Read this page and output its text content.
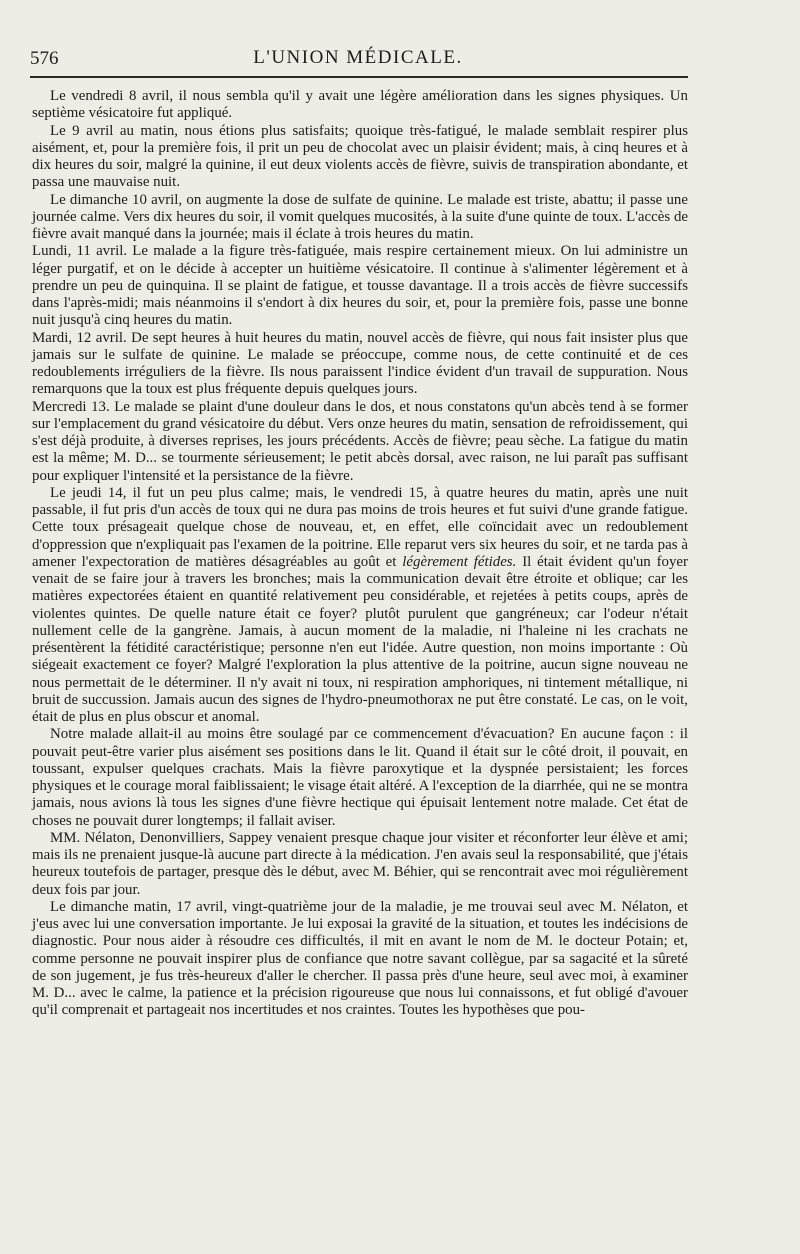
576	L'UNION MÉDICALE.

Le vendredi 8 avril, il nous sembla qu'il y avait une légère amélioration dans les signes physiques. Un septième vésicatoire fut appliqué.

Le 9 avril au matin, nous étions plus satisfaits; quoique très-fatigué, le malade semblait respirer plus aisément, et, pour la première fois, il prit un peu de chocolat avec un plaisir évident; mais, à cinq heures et à dix heures du soir, malgré la quinine, il eut deux violents accès de fièvre, suivis de transpiration abondante, et passa une mauvaise nuit.

Le dimanche 10 avril, on augmente la dose de sulfate de quinine. Le malade est triste, abattu; il passe une journée calme. Vers dix heures du soir, il vomit quelques mucosités, à la suite d'une quinte de toux. L'accès de fièvre avait manqué dans la journée; mais il éclate à trois heures du matin.

Lundi, 11 avril. Le malade a la figure très-fatiguée, mais respire certainement mieux. On lui administre un léger purgatif, et on le décide à accepter un huitième vésicatoire. Il continue à s'alimenter légèrement et à prendre un peu de quinquina. Il se plaint de fatigue, et tousse davantage. Il a trois accès de fièvre successifs dans l'après-midi; mais néanmoins il s'endort à dix heures du soir, et, pour la première fois, passe une bonne nuit jusqu'à cinq heures du matin.

Mardi, 12 avril. De sept heures à huit heures du matin, nouvel accès de fièvre, qui nous fait insister plus que jamais sur le sulfate de quinine. Le malade se préoccupe, comme nous, de cette continuité et de ces redoublements irréguliers de la fièvre. Ils nous paraissent l'indice évident d'un travail de suppuration. Nous remarquons que la toux est plus fréquente depuis quelques jours.

Mercredi 13. Le malade se plaint d'une douleur dans le dos, et nous constatons qu'un abcès tend à se former sur l'emplacement du grand vésicatoire du début. Vers onze heures du matin, sensation de refroidissement, qui s'est déjà produite, à diverses reprises, les jours précédents. Accès de fièvre; peau sèche. La fatigue du matin est la même; M. D... se tourmente sérieusement; le petit abcès dorsal, avec raison, ne lui paraît pas suffisant pour expliquer l'intensité et la persistance de la fièvre.

Le jeudi 14, il fut un peu plus calme; mais, le vendredi 15, à quatre heures du matin, après une nuit passable, il fut pris d'un accès de toux qui ne dura pas moins de trois heures et fut suivi d'une grande fatigue. Cette toux présageait quelque chose de nouveau, et, en effet, elle coïncidait avec un redoublement d'oppression que n'expliquait pas l'examen de la poitrine. Elle reparut vers six heures du soir, et ne tarda pas à amener l'expectoration de matières désagréables au goût et légèrement fétides. Il était évident qu'un foyer venait de se faire jour à travers les bronches; mais la communication devait être étroite et oblique; car les matières expectorées étaient en quantité relativement peu considérable, et rejetées à petits coups, après de violentes quintes. De quelle nature était ce foyer? plutôt purulent que gangréneux; car l'odeur n'était nullement celle de la gangrène. Jamais, à aucun moment de la maladie, ni l'haleine ni les crachats ne présentèrent la fétidité caractéristique; personne n'en eut l'idée. Autre question, non moins importante : Où siégeait exactement ce foyer? Malgré l'exploration la plus attentive de la poitrine, aucun signe nouveau ne nous permettait de le déterminer. Il n'y avait ni toux, ni respiration amphoriques, ni tintement métallique, ni bruit de succussion. Jamais aucun des signes de l'hydro-pneumothorax ne put être constaté. Le cas, on le voit, était de plus en plus obscur et anomal.

Notre malade allait-il au moins être soulagé par ce commencement d'évacuation? En aucune façon : il pouvait peut-être varier plus aisément ses positions dans le lit. Quand il était sur le côté droit, il pouvait, en toussant, expulser quelques crachats. Mais la fièvre paroxytique et la dyspnée persistaient; les forces physiques et le courage moral faiblissaient; le visage était altéré. A l'exception de la diarrhée, qui ne se montra jamais, nous avions là tous les signes d'une fièvre hectique qui épuisait lentement notre malade. Cet état de choses ne pouvait durer longtemps; il fallait aviser.

MM. Nélaton, Denonvilliers, Sappey venaient presque chaque jour visiter et réconforter leur élève et ami; mais ils ne prenaient jusque-là aucune part directe à la médication. J'en avais seul la responsabilité, que j'étais heureux toutefois de partager, presque dès le début, avec M. Béhier, qui se rencontrait avec moi régulièrement deux fois par jour.

Le dimanche matin, 17 avril, vingt-quatrième jour de la maladie, je me trouvai seul avec M. Nélaton, et j'eus avec lui une conversation importante. Je lui exposai la gravité de la situation, et toutes les indécisions de diagnostic. Pour nous aider à résoudre ces difficultés, il mit en avant le nom de M. le docteur Potain; et, comme personne ne pouvait inspirer plus de confiance que notre savant collègue, par sa sagacité et la sûreté de son jugement, je fus très-heureux d'aller le chercher. Il passa près d'une heure, seul avec moi, à examiner M. D... avec le calme, la patience et la précision rigoureuse que nous lui connaissons, et fut obligé d'avouer qu'il comprenait et partageait nos incertitudes et nos craintes. Toutes les hypothèses que pou-
